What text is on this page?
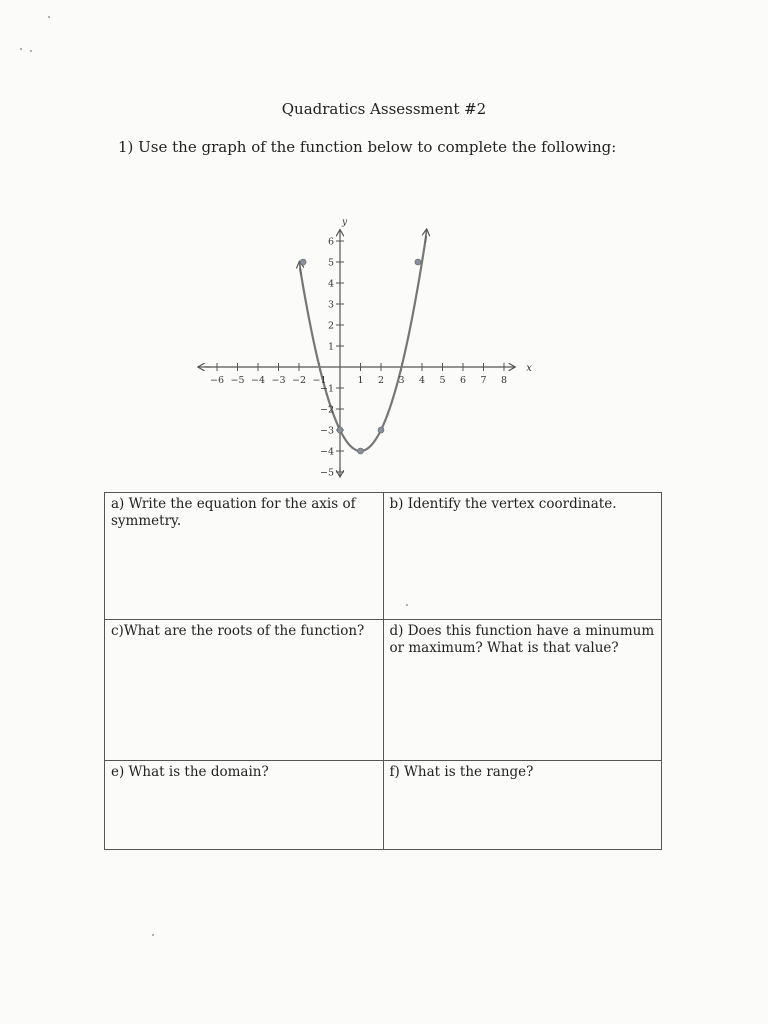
Quadratics Assessment #2
1) Use the graph of the function below to complete the following:
x
y
−6 −5 −4 −3 −2 −1	1 2 3 4 5 6 7 8
−5
−4
−3
−2
−1
1
2
3
4
5
6
a) Write the equation for the axis of symmetry.	b) Identify the vertex coordinate.
c)What are the roots of the function?	d) Does this function have a minumum or maximum? What is that value?
e) What is the domain?	f) What is the range?
